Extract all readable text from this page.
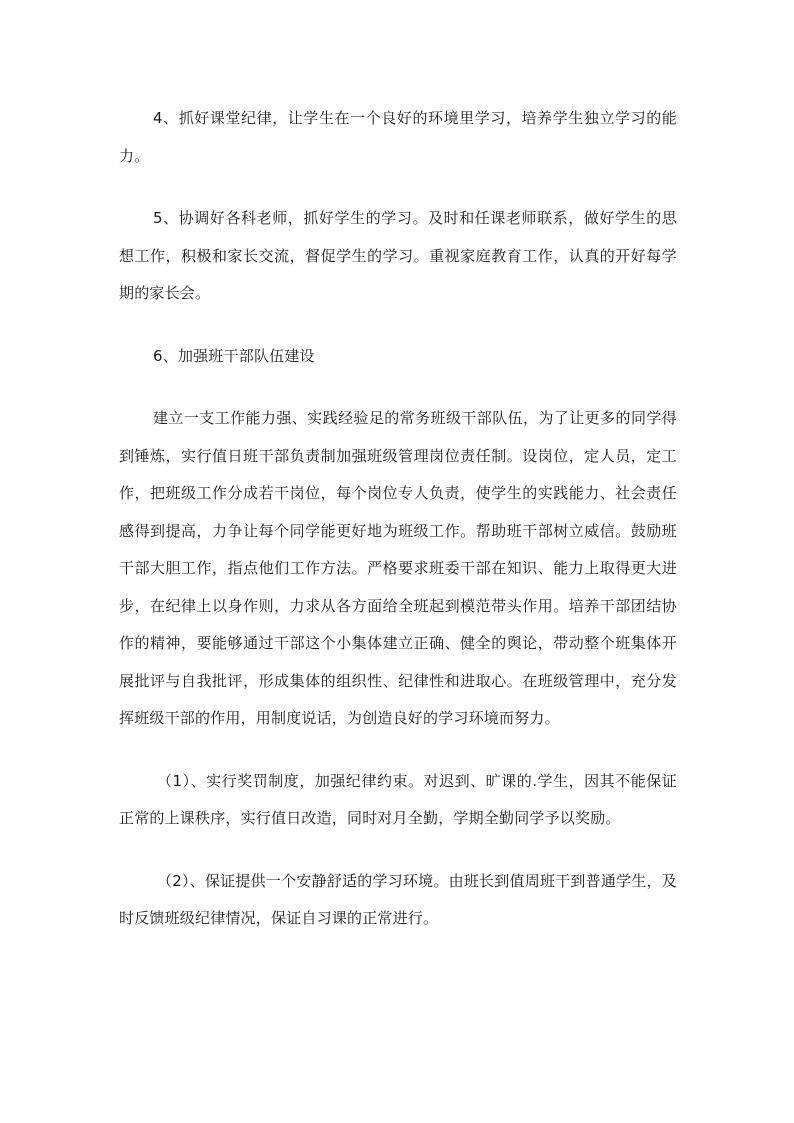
4、抓好课堂纪律，让学生在一个良好的环境里学习，培养学生独立学习的能力。

5、协调好各科老师，抓好学生的学习。及时和任课老师联系，做好学生的思想工作，积极和家长交流，督促学生的学习。重视家庭教育工作，认真的开好每学期的家长会。

6、加强班干部队伍建设

建立一支工作能力强、实践经验足的常务班级干部队伍，为了让更多的同学得到锤炼，实行值日班干部负责制加强班级管理岗位责任制。设岗位，定人员，定工作，把班级工作分成若干岗位，每个岗位专人负责，使学生的实践能力、社会责任感得到提高，力争让每个同学能更好地为班级工作。帮助班干部树立威信。鼓励班干部大胆工作，指点他们工作方法。严格要求班委干部在知识、能力上取得更大进步，在纪律上以身作则，力求从各方面给全班起到模范带头作用。培养干部团结协作的精神，要能够通过干部这个小集体建立正确、健全的舆论，带动整个班集体开展批评与自我批评，形成集体的组织性、纪律性和进取心。在班级管理中，充分发挥班级干部的作用，用制度说话，为创造良好的学习环境而努力。

（1）、实行奖罚制度，加强纪律约束。对迟到、旷课的.学生，因其不能保证正常的上课秩序，实行值日改造，同时对月全勤，学期全勤同学予以奖励。

（2）、保证提供一个安静舒适的学习环境。由班长到值周班干到普通学生，及时反馈班级纪律情况，保证自习课的正常进行。
